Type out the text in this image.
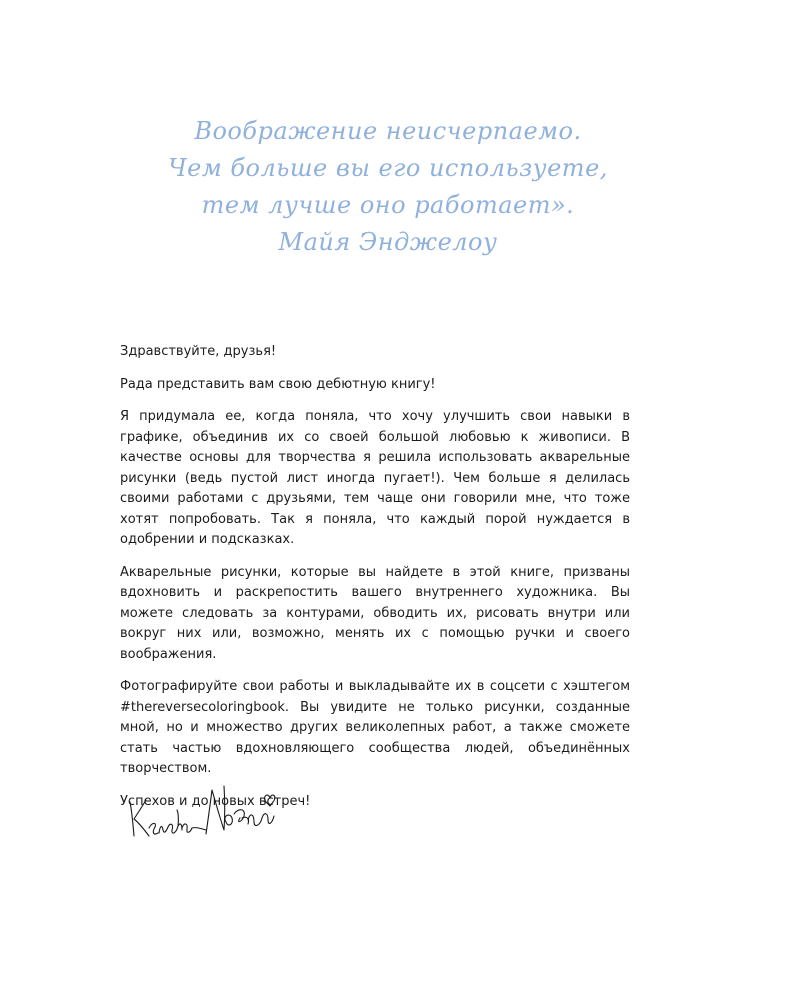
Воображение неисчерпаемо.
Чем больше вы его используете,
тем лучше оно работает».
Майя Энджелоу

Здравствуйте, друзья!

Рада представить вам свою дебютную книгу!

Я придумала ее, когда поняла, что хочу улучшить свои навыки в графике, объединив их со своей большой любовью к живописи. В качестве основы для творчества я решила использовать акварельные рисунки (ведь пустой лист иногда пугает!). Чем больше я делилась своими работами с друзьями, тем чаще они говорили мне, что тоже хотят попробовать. Так я поняла, что каждый порой нуждается в одобрении и подсказках.

Акварельные рисунки, которые вы найдете в этой книге, призваны вдохновить и раскрепостить вашего внутреннего художника. Вы можете следовать за контурами, обводить их, рисовать внутри или вокруг них или, возможно, менять их с помощью ручки и своего воображения.

Фотографируйте свои работы и выкладывайте их в соцсети с хэштегом #thereversecoloringbook. Вы увидите не только рисунки, созданные мной, но и множество других великолепных работ, а также сможете стать частью вдохновляющего сообщества людей, объединённых творчеством.

Успехов и до новых встреч!
